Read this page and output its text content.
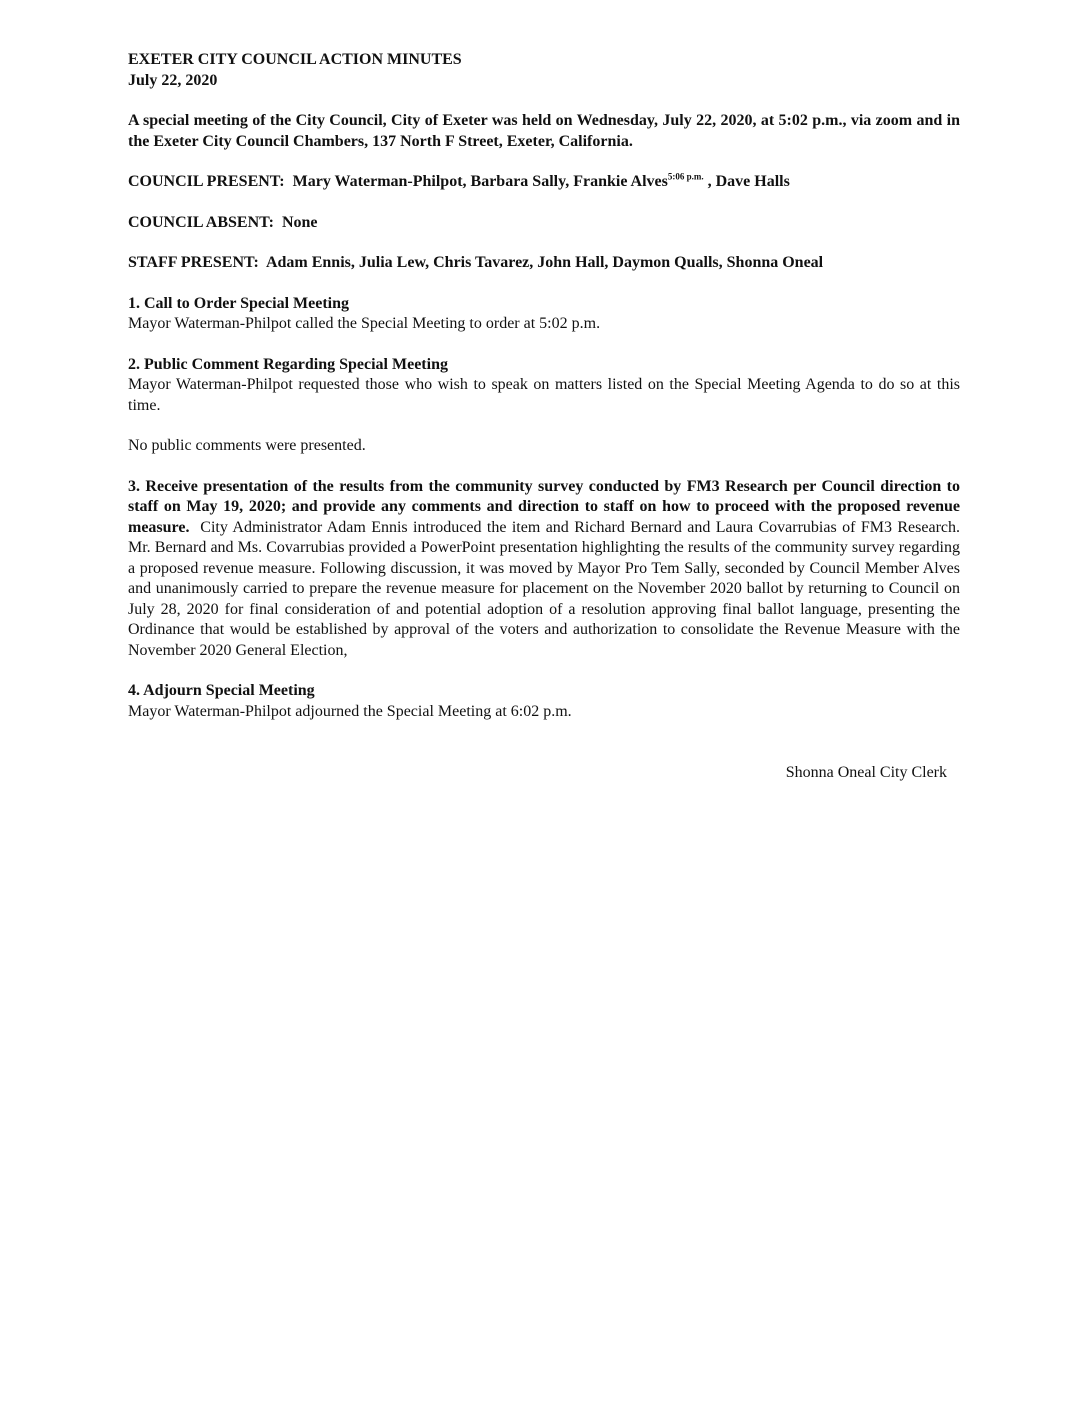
EXETER CITY COUNCIL ACTION MINUTES

July 22, 2020

A special meeting of the City Council, City of Exeter was held on Wednesday, July 22, 2020, at 5:02 p.m., via zoom and in the Exeter City Council Chambers, 137 North F Street, Exeter, California.

COUNCIL PRESENT: Mary Waterman-Philpot, Barbara Sally, Frankie Alves$^{5:06 p.m.}$ , Dave Halls

COUNCIL ABSENT: None

STAFF PRESENT: Adam Ennis, Julia Lew, Chris Tavarez, John Hall, Daymon Qualls, Shonna Oneal

1. Call to Order Special Meeting

Mayor Waterman-Philpot called the Special Meeting to order at 5:02 p.m.

2. Public Comment Regarding Special Meeting

Mayor Waterman-Philpot requested those who wish to speak on matters listed on the Special Meeting Agenda to do so at this time.

No public comments were presented.

3. Receive presentation of the results from the community survey conducted by FM3 Research per Council direction to staff on May 19, 2020; and provide any comments and direction to staff on how to proceed with the proposed revenue measure. City Administrator Adam Ennis introduced the item and Richard Bernard and Laura Covarrubias of FM3 Research. Mr. Bernard and Ms. Covarrubias provided a PowerPoint presentation highlighting the results of the community survey regarding a proposed revenue measure. Following discussion, it was moved by Mayor Pro Tem Sally, seconded by Council Member Alves and unanimously carried to prepare the revenue measure for placement on the November 2020 ballot by returning to Council on July 28, 2020 for final consideration of and potential adoption of a resolution approving final ballot language, presenting the Ordinance that would be established by approval of the voters and authorization to consolidate the Revenue Measure with the November 2020 General Election,

4. Adjourn Special Meeting

Mayor Waterman-Philpot adjourned the Special Meeting at 6:02 p.m.

Shonna Oneal City Clerk
